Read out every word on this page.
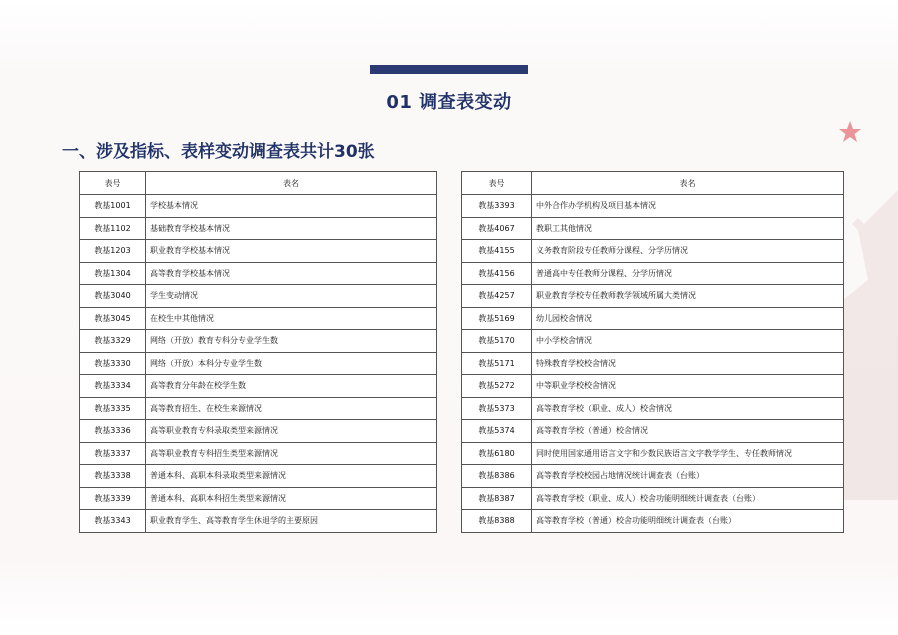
01 调查表变动
一、涉及指标、表样变动调查表共计30张
表号	表名
教基1001	学校基本情况
教基1102	基础教育学校基本情况
教基1203	职业教育学校基本情况
教基1304	高等教育学校基本情况
教基3040	学生变动情况
教基3045	在校生中其他情况
教基3329	网络（开放）教育专科分专业学生数
教基3330	网络（开放）本科分专业学生数
教基3334	高等教育分年龄在校学生数
教基3335	高等教育招生、在校生来源情况
教基3336	高等职业教育专科录取类型来源情况
教基3337	高等职业教育专科招生类型来源情况
教基3338	普通本科、高职本科录取类型来源情况
教基3339	普通本科、高职本科招生类型来源情况
教基3343	职业教育学生、高等教育学生休退学的主要原因
表号	表名
教基3393	中外合作办学机构及项目基本情况
教基4067	教职工其他情况
教基4155	义务教育阶段专任教师分课程、分学历情况
教基4156	普通高中专任教师分课程、分学历情况
教基4257	职业教育学校专任教师教学领域所属大类情况
教基5169	幼儿园校舍情况
教基5170	中小学校舍情况
教基5171	特殊教育学校校舍情况
教基5272	中等职业学校校舍情况
教基5373	高等教育学校（职业、成人）校舍情况
教基5374	高等教育学校（普通）校舍情况
教基6180	同时使用国家通用语言文字和少数民族语言文字教学学生、专任教师情况
教基8386	高等教育学校校园占地情况统计调查表（台账）
教基8387	高等教育学校（职业、成人）校舍功能明细统计调查表（台账）
教基8388	高等教育学校（普通）校舍功能明细统计调查表（台账）
